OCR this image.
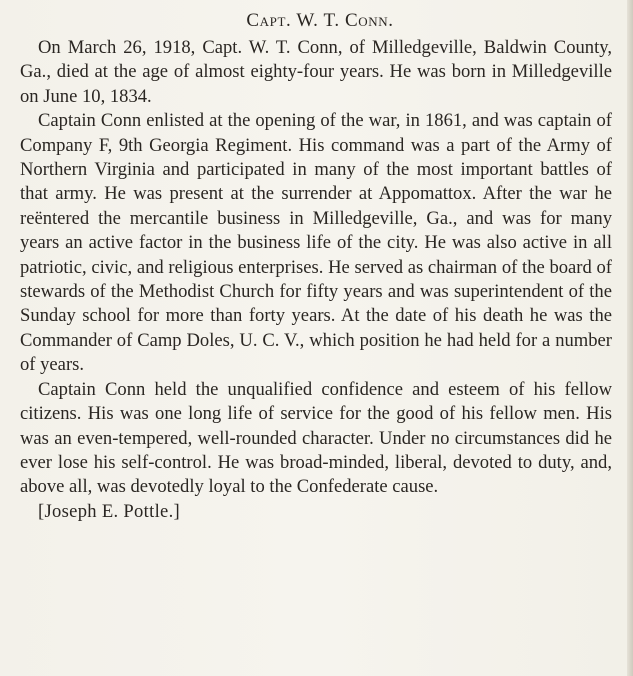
Capt. W. T. Conn.

On March 26, 1918, Capt. W. T. Conn, of Milledgeville, Baldwin County, Ga., died at the age of almost eighty-four years. He was born in Milledgeville on June 10, 1834.

Captain Conn enlisted at the opening of the war, in 1861, and was captain of Company F, 9th Georgia Regiment. His command was a part of the Army of Northern Virginia and participated in many of the most important battles of that army. He was present at the surrender at Appomattox. After the war he reëntered the mercantile business in Milledgeville, Ga., and was for many years an active factor in the business life of the city. He was also active in all patriotic, civic, and religious enterprises. He served as chairman of the board of stewards of the Methodist Church for fifty years and was superintendent of the Sunday school for more than forty years. At the date of his death he was the Commander of Camp Doles, U. C. V., which position he had held for a number of years.

Captain Conn held the unqualified confidence and esteem of his fellow citizens. His was one long life of service for the good of his fellow men. His was an even-tempered, well-rounded character. Under no circumstances did he ever lose his self-control. He was broad-minded, liberal, devoted to duty, and, above all, was devotedly loyal to the Confederate cause.

[Joseph E. Pottle.]
